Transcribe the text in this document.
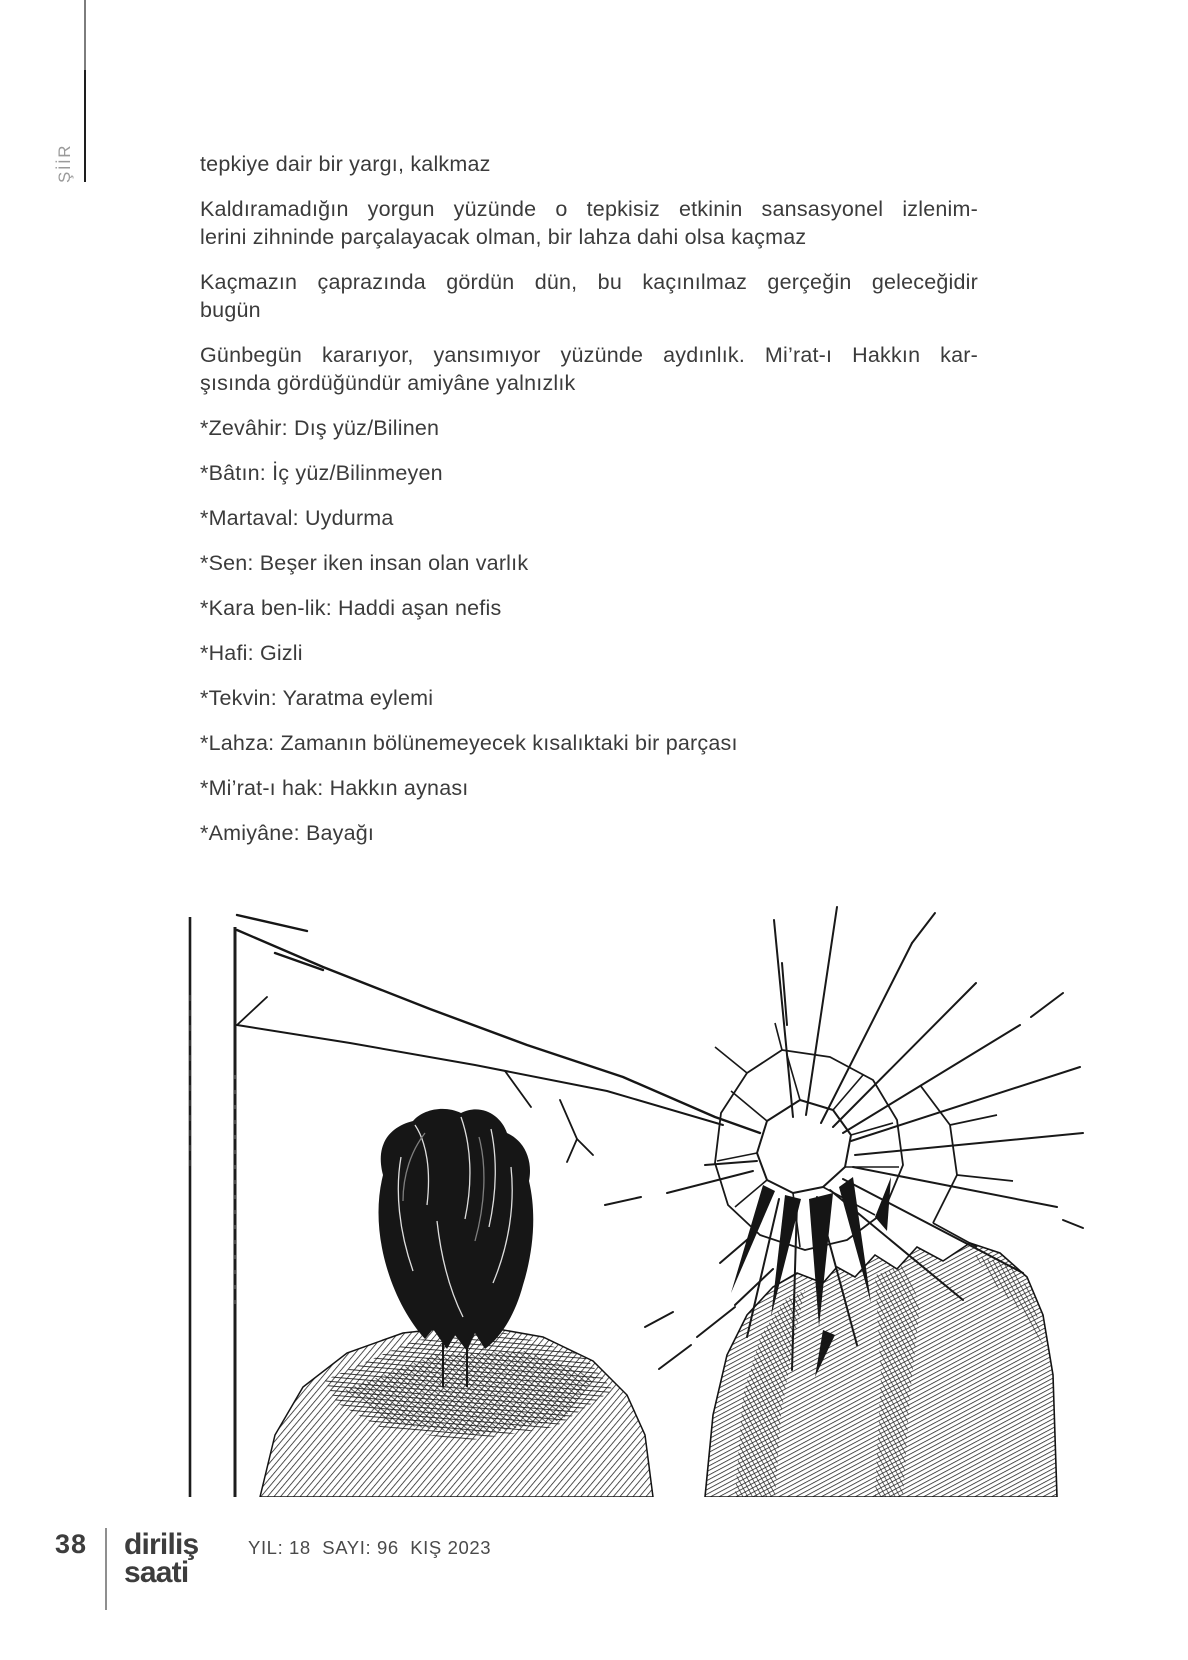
ŞİİR	tepkiye dair bir yargı, kalkmaz
Kaldıramadığın yorgun yüzünde o tepkisiz etkinin sansasyonel izlenim-
lerini zihninde parçalayacak olman, bir lahza dahi olsa kaçmaz
Kaçmazın çaprazında gördün dün, bu kaçınılmaz gerçeğin geleceğidir
bugün
Günbegün kararıyor, yansımıyor yüzünde aydınlık. Mi’rat-ı Hakkın kar-
şısında gördüğündür amiyâne yalnızlık
*Zevâhir: Dış yüz/Bilinen
*Bâtın: İç yüz/Bilinmeyen
*Martaval: Uydurma
*Sen: Beşer iken insan olan varlık
*Kara ben-lik: Haddi aşan nefis
*Hafi: Gizli
*Tekvin: Yaratma eylemi
*Lahza: Zamanın bölünemeyecek kısalıktaki bir parçası
*Mi’rat-ı hak: Hakkın aynası
*Amiyâne: Bayağı
38 diriliş
saati
YIL: 18  SAYI: 96  KIŞ 2023
